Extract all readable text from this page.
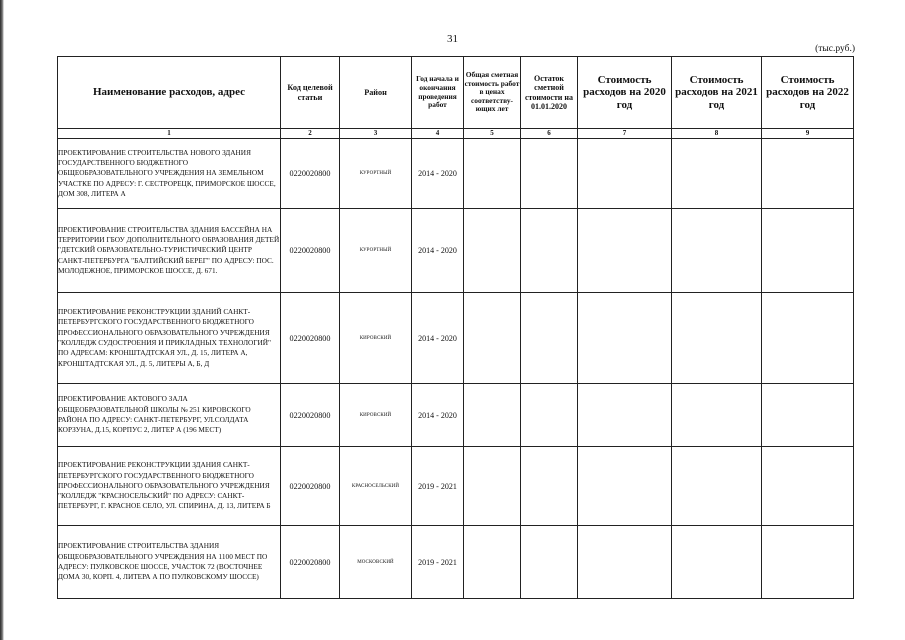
31
(тыс.руб.)
Наименование расходов, адрес	Код целевой статьи	Район	Год начала и окончания проведения работ	Общая сметная стоимость работ в ценах соответству-ющих лет	Остаток сметной стоимости на 01.01.2020	Стоимость расходов на 2020 год	Стоимость расходов на 2021 год	Стоимость расходов на 2022 год
1	2	3	4	5	6	7	8	9
ПРОЕКТИРОВАНИЕ СТРОИТЕЛЬСТВА НОВОГО ЗДАНИЯ ГОСУДАРСТВЕННОГО БЮДЖЕТНОГО ОБЩЕОБРАЗОВАТЕЛЬНОГО УЧРЕЖДЕНИЯ НА ЗЕМЕЛЬНОМ УЧАСТКЕ ПО АДРЕСУ: Г. СЕСТРОРЕЦК, ПРИМОРСКОЕ ШОССЕ, ДОМ 308, ЛИТЕРА А	0220020800	КУРОРТНЫЙ	2014 - 2020					
ПРОЕКТИРОВАНИЕ СТРОИТЕЛЬСТВА ЗДАНИЯ БАССЕЙНА НА ТЕРРИТОРИИ ГБОУ ДОПОЛНИТЕЛЬНОГО ОБРАЗОВАНИЯ ДЕТЕЙ "ДЕТСКИЙ ОБРАЗОВАТЕЛЬНО-ТУРИСТИЧЕСКИЙ ЦЕНТР САНКТ-ПЕТЕРБУРГА "БАЛТИЙСКИЙ БЕРЕГ" ПО АДРЕСУ: ПОС. МОЛОДЕЖНОЕ, ПРИМОРСКОЕ ШОССЕ, Д. 671.	0220020800	КУРОРТНЫЙ	2014 - 2020					
ПРОЕКТИРОВАНИЕ РЕКОНСТРУКЦИИ ЗДАНИЙ САНКТ-ПЕТЕРБУРГСКОГО ГОСУДАРСТВЕННОГО БЮДЖЕТНОГО ПРОФЕССИОНАЛЬНОГО ОБРАЗОВАТЕЛЬНОГО УЧРЕЖДЕНИЯ "КОЛЛЕДЖ СУДОСТРОЕНИЯ И ПРИКЛАДНЫХ ТЕХНОЛОГИЙ" ПО АДРЕСАМ: КРОНШТАДТСКАЯ УЛ., Д. 15, ЛИТЕРА А, КРОНШТАДТСКАЯ УЛ., Д. 5, ЛИТЕРЫ А, Б, Д	0220020800	КИРОВСКИЙ	2014 - 2020					
ПРОЕКТИРОВАНИЕ АКТОВОГО ЗАЛА ОБЩЕОБРАЗОВАТЕЛЬНОЙ ШКОЛЫ № 251 КИРОВСКОГО РАЙОНА ПО АДРЕСУ: САНКТ-ПЕТЕРБУРГ, УЛ.СОЛДАТА КОРЗУНА, Д.15, КОРПУС 2, ЛИТЕР А (196 МЕСТ)	0220020800	КИРОВСКИЙ	2014 - 2020					
ПРОЕКТИРОВАНИЕ РЕКОНСТРУКЦИИ ЗДАНИЯ САНКТ-ПЕТЕРБУРГСКОГО ГОСУДАРСТВЕННОГО БЮДЖЕТНОГО ПРОФЕССИОНАЛЬНОГО ОБРАЗОВАТЕЛЬНОГО УЧРЕЖДЕНИЯ "КОЛЛЕДЖ "КРАСНОСЕЛЬСКИЙ" ПО АДРЕСУ: САНКТ-ПЕТЕРБУРГ, Г. КРАСНОЕ СЕЛО, УЛ. СПИРИНА, Д. 13, ЛИТЕРА Б	0220020800	КРАСНОСЕЛЬСКИЙ	2019 - 2021					
ПРОЕКТИРОВАНИЕ СТРОИТЕЛЬСТВА ЗДАНИЯ ОБЩЕОБРАЗОВАТЕЛЬНОГО УЧРЕЖДЕНИЯ НА 1100 МЕСТ ПО АДРЕСУ: ПУЛКОВСКОЕ ШОССЕ, УЧАСТОК 72 (ВОСТОЧНЕЕ ДОМА 30, КОРП. 4, ЛИТЕРА А ПО ПУЛКОВСКОМУ ШОССЕ)	0220020800	МОСКОВСКИЙ	2019 - 2021					
